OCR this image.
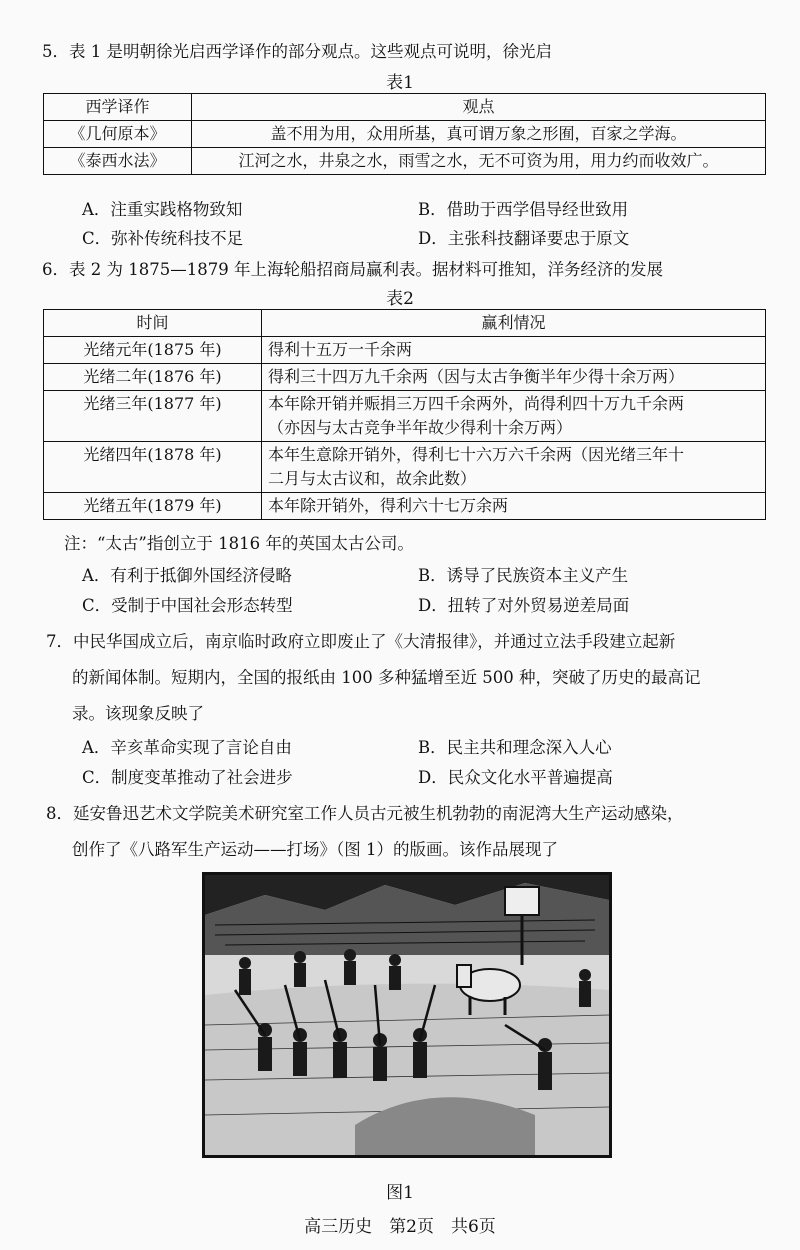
5．表 1 是明朝徐光启西学译作的部分观点。这些观点可说明，徐光启
表1
西学译作	观点
《几何原本》	盖不用为用，众用所基，真可谓万象之形囿，百家之学海。
《泰西水法》	江河之水，井泉之水，雨雪之水，无不可资为用，用力约而收效广。
A．注重实践格物致知	B．借助于西学倡导经世致用
C．弥补传统科技不足	D．主张科技翻译要忠于原文
6．表 2 为 1875—1879 年上海轮船招商局赢利表。据材料可推知，洋务经济的发展
表2
时间	赢利情况
光绪元年(1875 年)	得利十五万一千余两

光绪二年(1876 年)	得利三十四万九千余两（因与太古争衡半年少得十余万两）

光绪三年(1877 年)	本年除开销并赈捐三万四千余两外，尚得利四十万九千余两
（亦因与太古竞争半年故少得利十余万两）

光绪四年(1878 年)	本年生意除开销外，得利七十六万六千余两（因光绪三年十
二月与太古议和，故余此数）

光绪五年(1879 年)	本年除开销外，得利六十七万余两
注：“太古”指创立于 1816 年的英国太古公司。
A．有利于抵御外国经济侵略	B．诱导了民族资本主义产生
C．受制于中国社会形态转型	D．扭转了对外贸易逆差局面
7．中民华国成立后，南京临时政府立即废止了《大清报律》，并通过立法手段建立起新
的新闻体制。短期内，全国的报纸由 100 多种猛增至近 500 种，突破了历史的最高记
录。该现象反映了
A．辛亥革命实现了言论自由	B．民主共和理念深入人心
C．制度变革推动了社会进步	D．民众文化水平普遍提高
8．延安鲁迅艺术文学院美术研究室工作人员古元被生机勃勃的南泥湾大生产运动感染，
创作了《八路军生产运动——打场》（图 1）的版画。该作品展现了
图1
高三历史　第2页　共6页
